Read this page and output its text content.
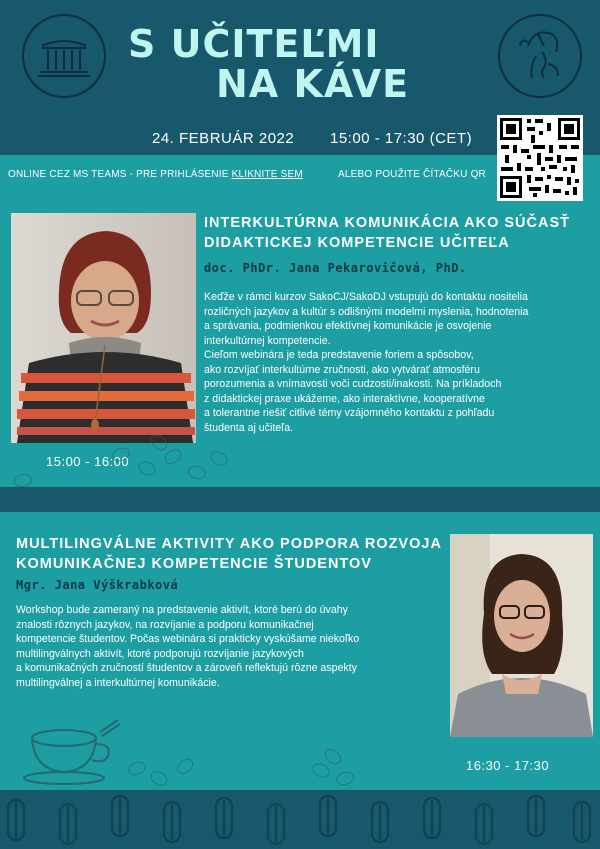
S UČITEĽMI
NA KÁVE
24. FEBRUÁR 2022 15:00 - 17:30 (CET)
ONLINE CEZ MS TEAMS - PRE PRIHLÁSENIE KLIKNITE SEM	ALEBO POUŽITE ČÍTAČKU QR
INTERKULTÚRNA KOMUNIKÁCIA AKO SÚČASŤ
DIDAKTICKEJ KOMPETENCIE UČITEĽA
doc. PhDr. Jana Pekarovičová, PhD.
Keďže v rámci kurzov SakoCJ/SakoDJ vstupujú do kontaktu nositelia
rozličných jazykov a kultúr s odlišnými modelmi myslenia, hodnotenia
a správania, podmienkou efektívnej komunikácie je osvojenie
interkultúrnej kompetencie.
Cieľom webinára je teda predstavenie foriem a spôsobov,
ako rozvíjať interkultúrne zručnosti, ako vytvárať atmosféru
porozumenia a vnímavosti voči cudzosti/inakosti. Na príkladoch
z didaktickej praxe ukážeme, ako interaktívne, kooperatívne
a tolerantne riešiť citlivé témy vzájomného kontaktu z pohľadu
študenta aj učiteľa.
15:00 - 16:00
MULTILINGVÁLNE AKTIVITY AKO PODPORA ROZVOJA
KOMUNIKAČNEJ KOMPETENCIE ŠTUDENTOV
Mgr. Jana Výškrabková
Workshop bude zameraný na predstavenie aktivít, ktoré berú do úvahy
znalosti rôznych jazykov, na rozvíjanie a podporu komunikačnej
kompetencie študentov. Počas webinára si prakticky vyskúšame niekoľko
multilingválnych aktivít, ktoré podporujú rozvíjanie jazykových
a komunikačných zručností študentov a zároveň reflektujú rôzne aspekty
multilingválnej a interkultúrnej komunikácie.
16:30 - 17:30
